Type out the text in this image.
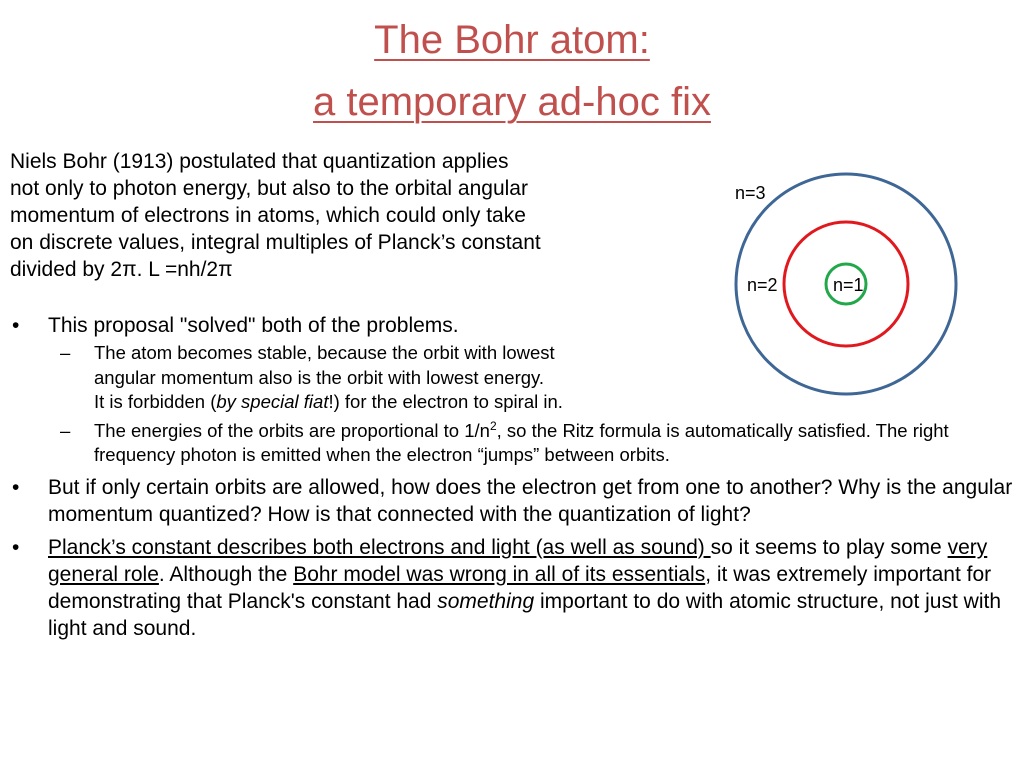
The Bohr atom:
a temporary ad-hoc fix
Niels Bohr (1913) postulated that quantization applies
not only to photon energy, but also to the orbital angular
momentum of electrons in atoms, which could only take
on discrete values, integral multiples of Planck’s constant
divided by 2π. L =nh/2π
n=3
n=2	n=1
• This proposal "solved" both of the problems.
– The atom becomes stable, because the orbit with lowest
angular momentum also is the orbit with lowest energy.
It is forbidden (by special fiat!) for the electron to spiral in.
– The energies of the orbits are proportional to $1/n^2$, so the Ritz formula is automatically satisfied. The right frequency photon is emitted when the electron “jumps” between orbits.
• But if only certain orbits are allowed, how does the electron get from one to another? Why is the angular momentum quantized? How is that connected with the quantization of light?
• Planck’s constant describes both electrons and light (as well as sound) so it seems to play some very general role. Although the Bohr model was wrong in all of its essentials, it was extremely important for demonstrating that Planck's constant had something important to do with atomic structure, not just with light and sound.
